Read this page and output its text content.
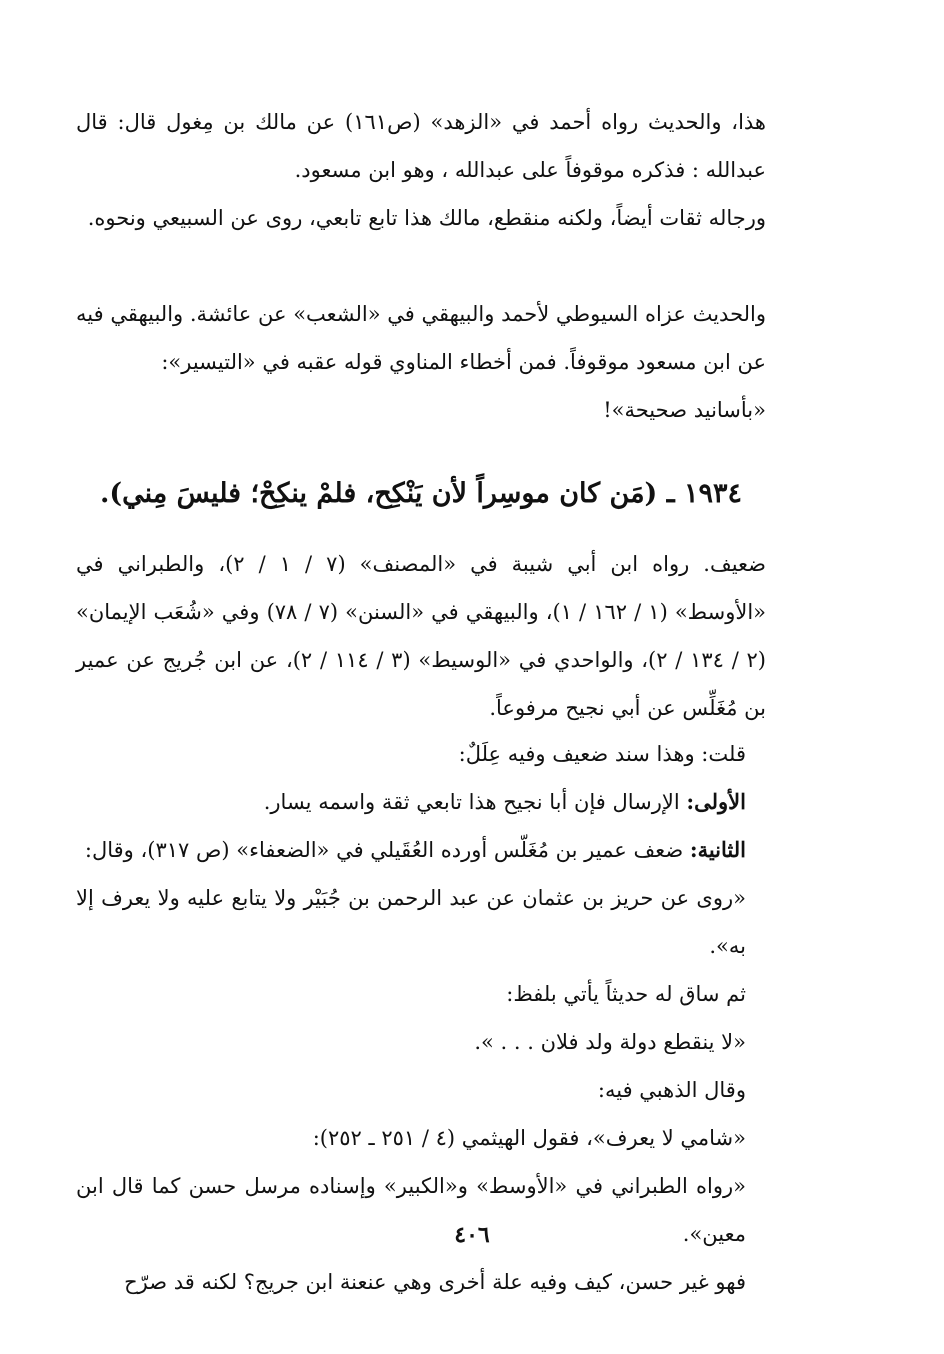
هذا، والحديث رواه أحمد في «الزهد» (ص١٦١) عن مالك بن مِغول قال: قال عبدالله : فذكره موقوفاً على عبدالله ، وهو ابن مسعود.
ورجاله ثقات أيضاً، ولكنه منقطع، مالك هذا تابع تابعي، روى عن السبيعي ونحوه.
والحديث عزاه السيوطي لأحمد والبيهقي في «الشعب» عن عائشة. والبيهقي فيه عن ابن مسعود موقوفاً. فمن أخطاء المناوي قوله عقبه في «التيسير»:
«بأسانيد صحيحة»!
١٩٣٤ ـ (مَن كان موسِراً لأن يَنْكِح، فلمْ ينكِحْ؛ فليسَ مِني).
ضعيف. رواه ابن أبي شيبة في «المصنف» (٧ / ١ / ٢)، والطبراني في «الأوسط» (١ / ١٦٢ / ١)، والبيهقي في «السنن» (٧ / ٧٨) وفي «شُعَب الإيمان» (٢ / ١٣٤ / ٢)، والواحدي في «الوسيط» (٣ / ١١٤ / ٢)، عن ابن جُريج عن عمير بن مُغَلِّس عن أبي نجيح مرفوعاً.
قلت: وهذا سند ضعيف وفيه عِلَلٌ:
الأولى: الإرسال فإن أبا نجيح هذا تابعي ثقة واسمه يسار.
الثانية: ضعف عمير بن مُغَلّس أورده العُقَيلي في «الضعفاء» (ص ٣١٧)، وقال:
«روى عن حريز بن عثمان عن عبد الرحمن بن جُبَيْر ولا يتابع عليه ولا يعرف إلا به».
ثم ساق له حديثاً يأتي بلفظ:
«لا ينقطع دولة ولد فلان . . . ».
وقال الذهبي فيه:
«شامي لا يعرف»، فقول الهيثمي (٤ / ٢٥١ ـ ٢٥٢):
«رواه الطبراني في «الأوسط» و«الكبير» وإسناده مرسل حسن كما قال ابن معين».
فهو غير حسن، كيف وفيه علة أخرى وهي عنعنة ابن جريج؟ لكنه قد صرّح
٤٠٦
